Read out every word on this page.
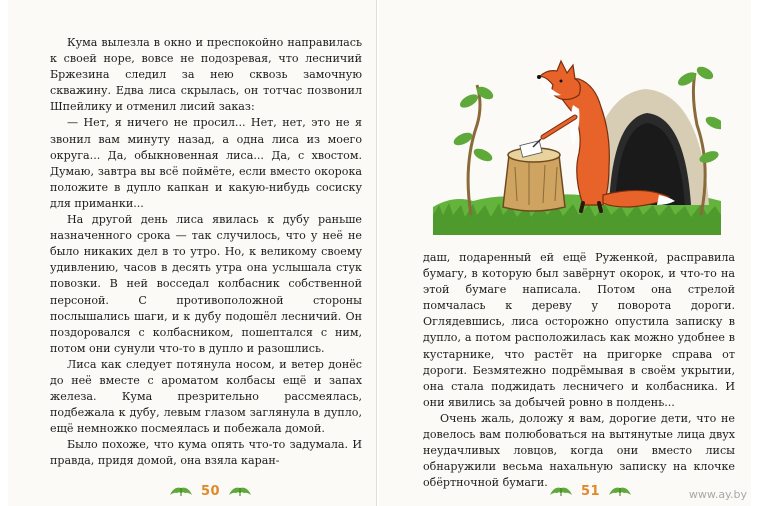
Кума вылезла в окно и преспокойно направилась к своей норе, вовсе не подозревая, что лесничий Бржезина следил за нею сквозь замочную скважину. Едва лиса скрылась, он тотчас позвонил Шпейлику и отменил лисий заказ:

— Нет, я ничего не просил... Нет, нет, это не я звонил вам минуту назад, а одна лиса из моего округа... Да, обыкновенная лиса... Да, с хвостом. Думаю, завтра вы всё поймёте, если вместо окорока положите в дупло капкан и какую-нибудь сосиску для приманки...

На другой день лиса явилась к дубу раньше назначенного срока — так случилось, что у неё не было никаких дел в то утро. Но, к великому своему удивлению, часов в десять утра она услышала стук повозки. В ней восседал колбасник собственной персоной. С противоположной стороны послышались шаги, и к дубу подошёл лесничий. Он поздоровался с колбасником, пошептался с ним, потом они сунули что-то в дупло и разошлись.

Лиса как следует потянула носом, и ветер донёс до неё вместе с ароматом колбасы ещё и запах железа. Кума презрительно рассмеялась, подбежала к дубу, левым глазом заглянула в дупло, ещё немножко посмеялась и побежала домой.

Было похоже, что кума опять что-то задумала. И правда, придя домой, она взяла каран-

даш, подаренный ей ещё Руженкой, расправила бумагу, в которую был завёрнут окорок, и что-то на этой бумаге написала. Потом она стрелой помчалась к дереву у поворота дороги. Оглядевшись, лиса осторожно опустила записку в дупло, а потом расположилась как можно удобнее в кустарнике, что растёт на пригорке справа от дороги. Безмятежно подрёмывая в своём укрытии, она стала поджидать лесничего и колбасника. И они явились за добычей ровно в полдень...

Очень жаль, доложу я вам, дорогие дети, что не довелось вам полюбоваться на вытянутые лица двух неудачливых ловцов, когда они вместо лисы обнаружили весьма нахальную записку на клочке обёртночной бумаги.

50	51	www.ay.by
